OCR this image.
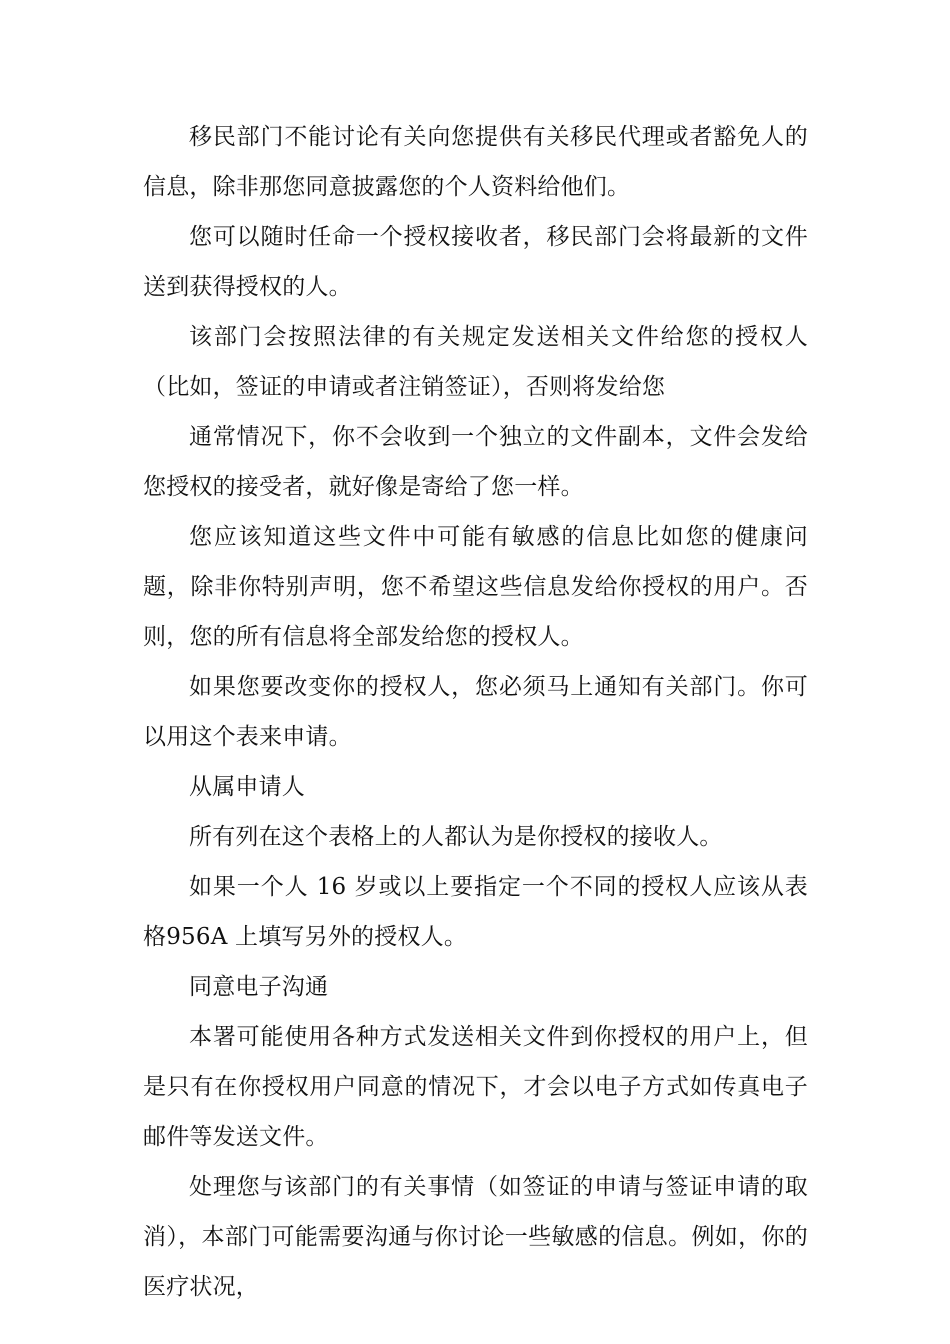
移民部门不能讨论有关向您提供有关移民代理或者豁免人的信息，除非那您同意披露您的个人资料给他们。

您可以随时任命一个授权接收者，移民部门会将最新的文件送到获得授权的人。

该部门会按照法律的有关规定发送相关文件给您的授权人（比如，签证的申请或者注销签证），否则将发给您

通常情况下，你不会收到一个独立的文件副本，文件会发给您授权的接受者，就好像是寄给了您一样。

您应该知道这些文件中可能有敏感的信息比如您的健康问题，除非你特别声明，您不希望这些信息发给你授权的用户。否则，您的所有信息将全部发给您的授权人。

如果您要改变你的授权人，您必须马上通知有关部门。你可以用这个表来申请。

从属申请人

所有列在这个表格上的人都认为是你授权的接收人。

如果一个人 16 岁或以上要指定一个不同的授权人应该从表格956A 上填写另外的授权人。

同意电子沟通

本署可能使用各种方式发送相关文件到你授权的用户上，但是只有在你授权用户同意的情况下，才会以电子方式如传真电子邮件等发送文件。

处理您与该部门的有关事情（如签证的申请与签证申请的取消），本部门可能需要沟通与你讨论一些敏感的信息。例如，你的医疗状况，
